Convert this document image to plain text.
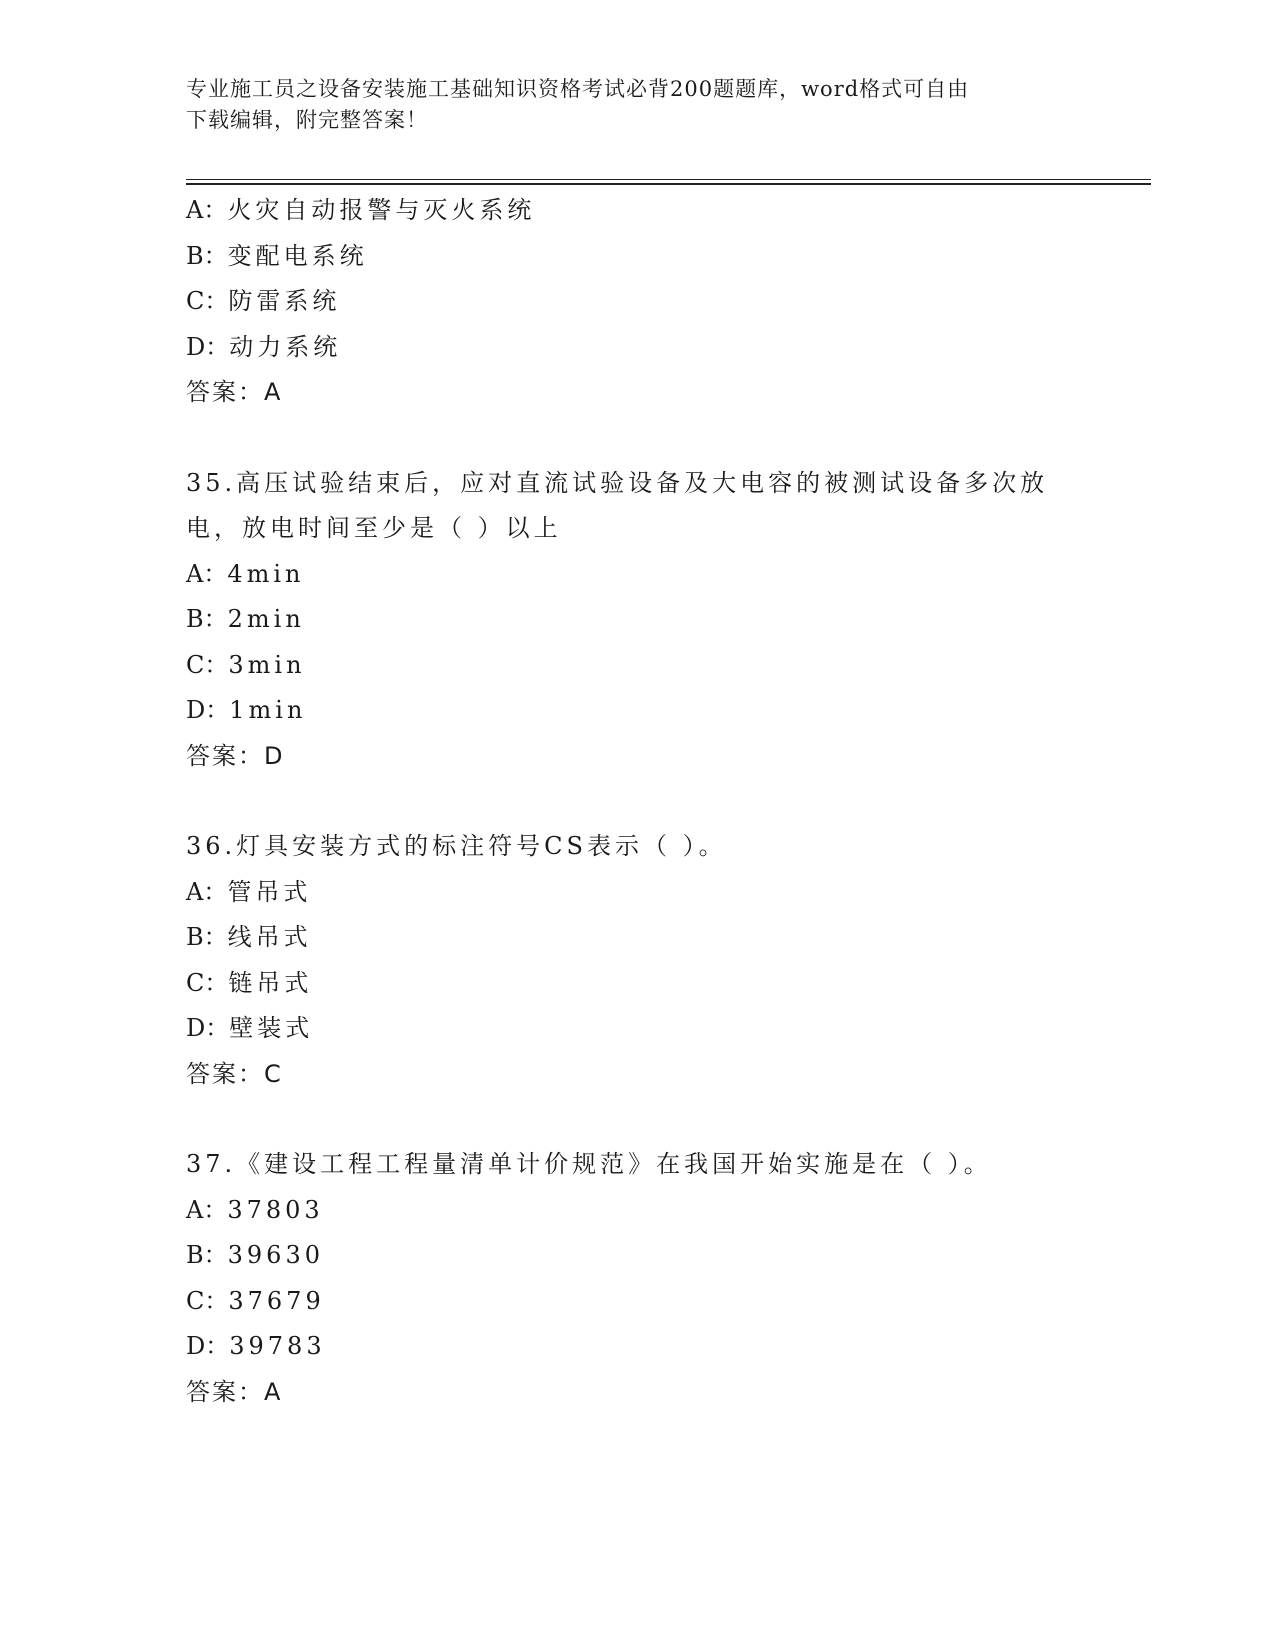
专业施工员之设备安装施工基础知识资格考试必背200题题库，word格式可自由
下载编辑，附完整答案！
A：火灾自动报警与灭火系统
B：变配电系统
C：防雷系统
D：动力系统
答案：A
35.高压试验结束后，应对直流试验设备及大电容的被测试设备多次放
电，放电时间至少是（ ）以上
A：4min
B：2min
C：3min
D：1min
答案：D
36.灯具安装方式的标注符号CS表示（ ）。
A：管吊式
B：线吊式
C：链吊式
D：壁装式
答案：C
37.《建设工程工程量清单计价规范》在我国开始实施是在（ ）。
A：37803
B：39630
C：37679
D：39783
答案：A
